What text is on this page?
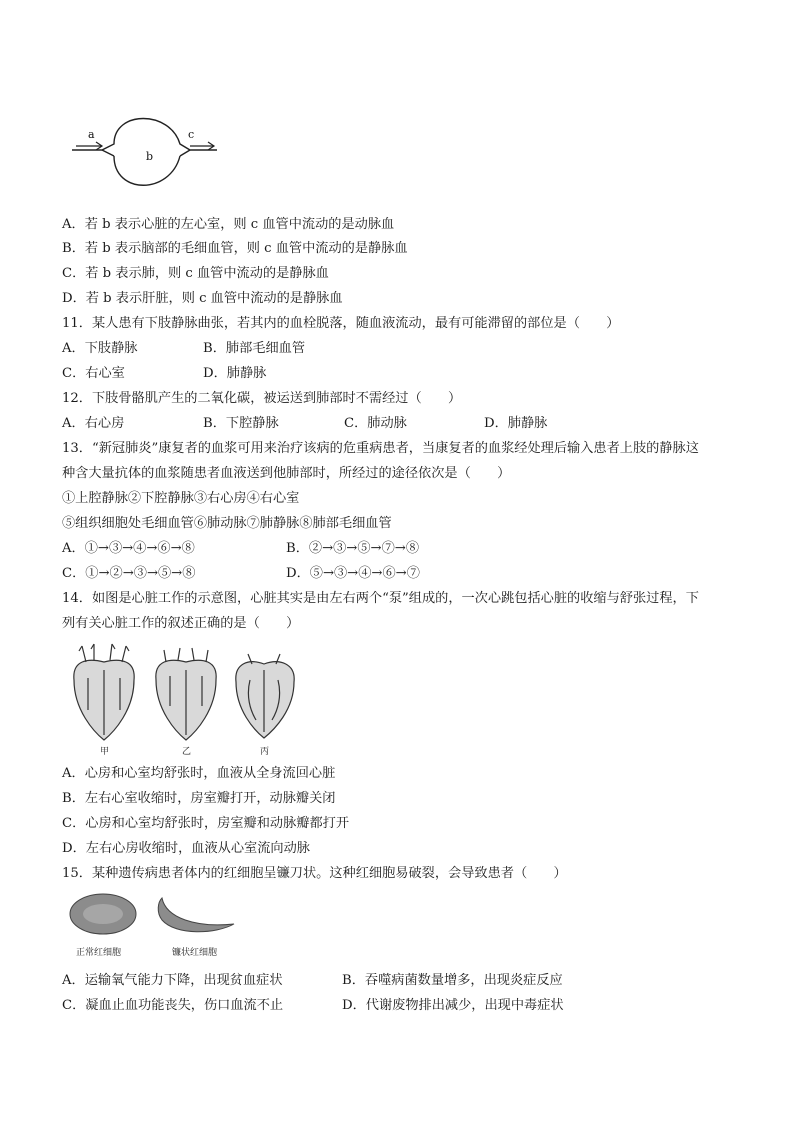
a
b
c
A．若 b 表示心脏的左心室，则 c 血管中流动的是动脉血
B．若 b 表示脑部的毛细血管，则 c 血管中流动的是静脉血
C．若 b 表示肺，则 c 血管中流动的是静脉血
D．若 b 表示肝脏，则 c 血管中流动的是静脉血
11．某人患有下肢静脉曲张，若其内的血栓脱落，随血液流动，最有可能滞留的部位是（　　）
A．下肢静脉	B．肺部毛细血管
C．右心室	D．肺静脉
12．下肢骨骼肌产生的二氧化碳，被运送到肺部时不需经过（　　）
A．右心房	B．下腔静脉	C．肺动脉	D．肺静脉
13．“新冠肺炎”康复者的血浆可用来治疗该病的危重病患者，当康复者的血浆经处理后输入患者上肢的静脉这
种含大量抗体的血浆随患者血液送到他肺部时，所经过的途径依次是（　　）
①上腔静脉②下腔静脉③右心房④右心室
⑤组织细胞处毛细血管⑥肺动脉⑦肺静脉⑧肺部毛细血管
A．①→③→④→⑥→⑧	B．②→③→⑤→⑦→⑧
C．①→②→③→⑤→⑧	D．⑤→③→④→⑥→⑦
14．如图是心脏工作的示意图，心脏其实是由左右两个“泵”组成的，一次心跳包括心脏的收缩与舒张过程，下
列有关心脏工作的叙述正确的是（　　）
甲	乙	丙
A．心房和心室均舒张时，血液从全身流回心脏
B．左右心室收缩时，房室瓣打开，动脉瓣关闭
C．心房和心室均舒张时，房室瓣和动脉瓣都打开
D．左右心房收缩时，血液从心室流向动脉
15．某种遗传病患者体内的红细胞呈镰刀状。这种红细胞易破裂，会导致患者（　　）
正常红细胞	镰状红细胞
A．运输氧气能力下降，出现贫血症状	B．吞噬病菌数量增多，出现炎症反应
C．凝血止血功能丧失，伤口血流不止	D．代谢废物排出减少，出现中毒症状
